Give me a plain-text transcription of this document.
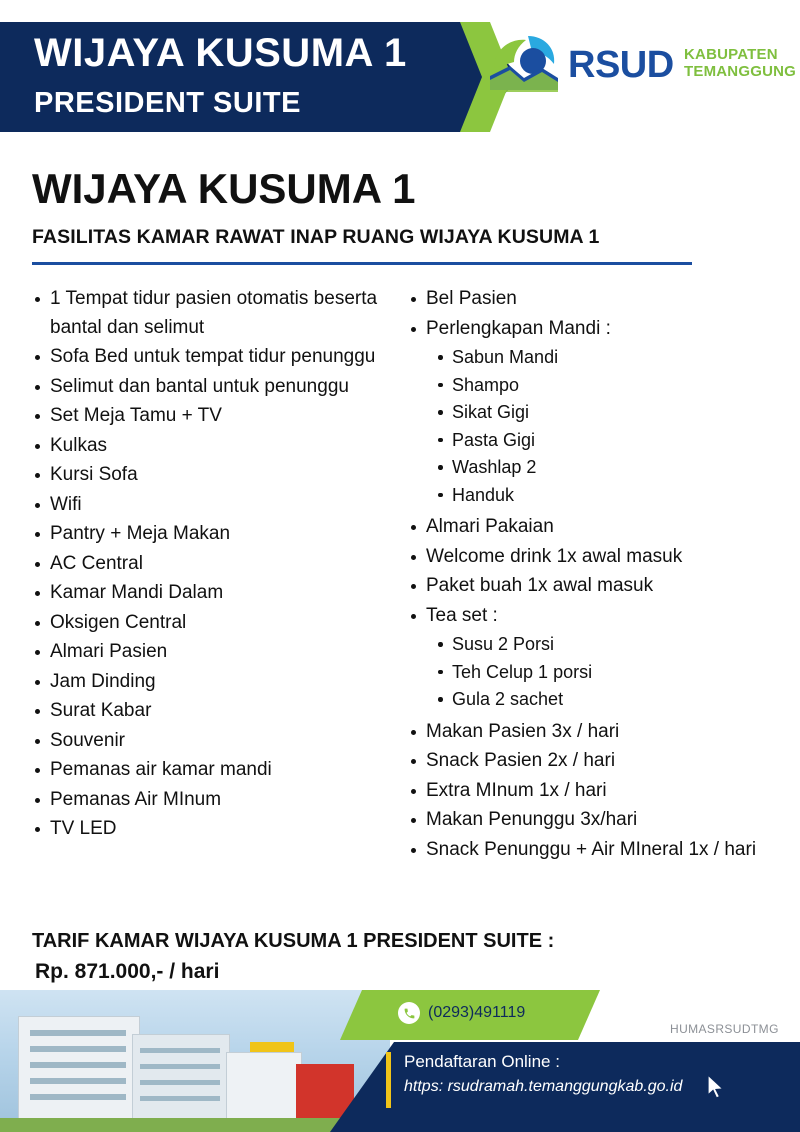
WIJAYA KUSUMA 1
PRESIDENT SUITE
RSUD KABUPATEN
TEMANGGUNG
WIJAYA KUSUMA 1
FASILITAS KAMAR RAWAT INAP RUANG WIJAYA KUSUMA 1
1 Tempat tidur pasien otomatis beserta bantal dan selimut
Sofa Bed untuk tempat tidur penunggu
Selimut dan bantal untuk penunggu
Set Meja Tamu + TV
Kulkas
Kursi Sofa
Wifi
Pantry + Meja Makan
AC Central
Kamar Mandi Dalam
Oksigen Central
Almari Pasien
Jam Dinding
Surat Kabar
Souvenir
Pemanas air kamar mandi
Pemanas Air MInum
TV LED
Bel Pasien
Perlengkapan Mandi :
Sabun Mandi
Shampo
Sikat Gigi
Pasta Gigi
Washlap 2
Handuk
Almari Pakaian
Welcome drink 1x awal masuk
Paket buah 1x awal masuk
Tea set :
Susu 2 Porsi
Teh Celup 1 porsi
Gula 2 sachet
Makan Pasien 3x / hari
Snack Pasien 2x / hari
Extra MInum 1x / hari
Makan Penunggu 3x/hari
Snack Penunggu + Air MIneral 1x / hari
TARIF KAMAR WIJAYA KUSUMA 1 PRESIDENT SUITE :
Rp. 871.000,- / hari
(0293)491119
Pendaftaran Online :
https: rsudramah.temanggungkab.go.id
HUMASRSUDTMG
